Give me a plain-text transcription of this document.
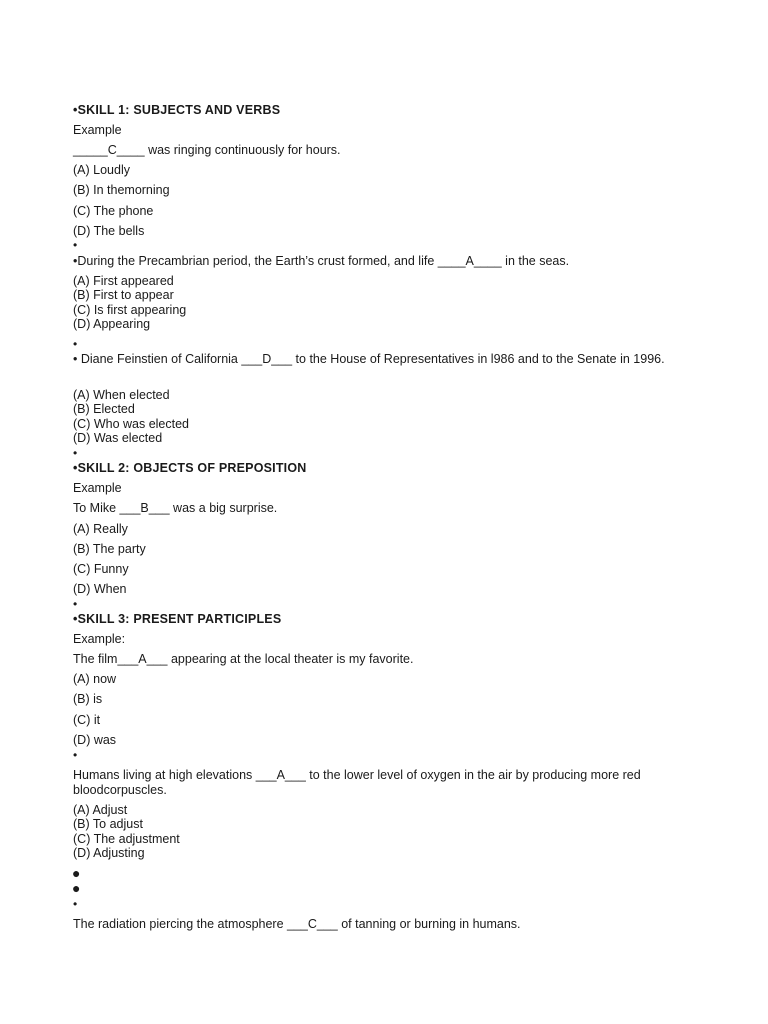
•SKILL 1: SUBJECTS AND VERBS
Example
_____C____ was ringing continuously for hours.
(A) Loudly
(B) In themorning
(C) The phone
(D) The bells
•
•During the Precambrian period, the Earth’s crust formed, and life ____A____ in the seas.
(A) First appeared
(B) First to appear
(C) Is first appearing
(D) Appearing
•
• Diane Feinstien of California ___D___ to the House of Representatives in l986 and to the Senate in 1996.
(A) When elected
(B) Elected
(C) Who was elected
(D) Was elected
•
•SKILL 2: OBJECTS OF PREPOSITION
Example
To Mike ___B___ was a big surprise.
(A) Really
(B) The party
(C) Funny
(D) When
•
•SKILL 3: PRESENT PARTICIPLES
Example:
The film___A___ appearing at the local theater is my favorite.
(A) now
(B) is
(C) it
(D) was
•
Humans living at high elevations ___A___ to the lower level of oxygen in the air by producing more red bloodcorpuscles.
(A) Adjust
(B) To adjust
(C) The adjustment
(D) Adjusting
●
●
•
The radiation piercing the atmosphere ___C___ of tanning or burning in humans.
